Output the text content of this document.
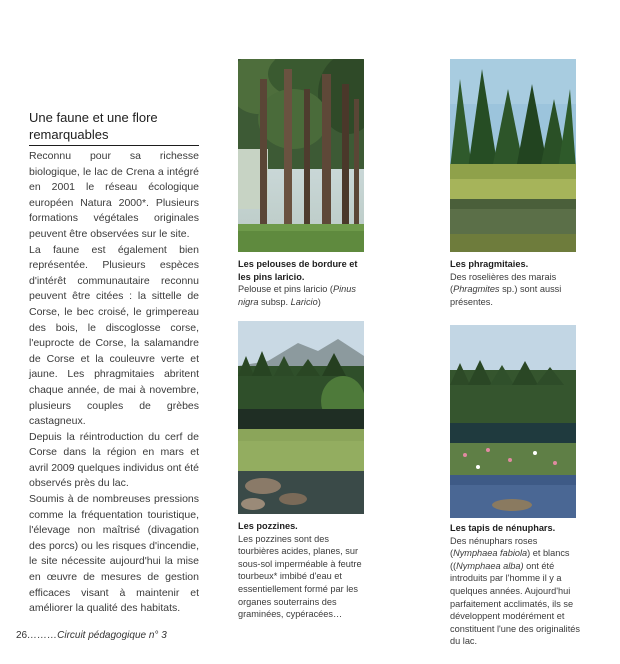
Une faune et une flore remarquables

Reconnu pour sa richesse biologique, le lac de Crena a intégré en 2001 le réseau écologique européen Natura 2000*. Plusieurs formations végétales originales peuvent être observées sur le site.

La faune est également bien représentée. Plusieurs espèces d'intérêt communautaire reconnu peuvent être citées : la sittelle de Corse, le bec croisé, le grimpereau des bois, le discoglosse corse, l'euprocte de Corse, la salamandre de Corse et la couleuvre verte et jaune. Les phragmitaies abritent chaque année, de mai à novembre, plusieurs couples de grèbes castagneux.

Depuis la réintroduction du cerf de Corse dans la région en mars et avril 2009 quelques individus ont été observés près du lac.

Soumis à de nombreuses pressions comme la fréquentation touristique, l'élevage non maîtrisé (divagation des porcs) ou les risques d'incendie, le site nécessite aujourd'hui la mise en œuvre de mesures de gestion efficaces visant à maintenir et améliorer la qualité des habitats.

Les pelouses de bordure et les pins laricio.
Pelouse et pins laricio (Pinus nigra subsp. Laricio)
Les phragmitaies.
Des roselières des marais (Phragmites sp.) sont aussi présentes.
Les pozzines.
Les pozzines sont des tourbières acides, planes, sur sous-sol imperméable à feutre tourbeux* imbibé d'eau et essentiellement formé par les organes souterrains des graminées, cypéracées…
Les tapis de nénuphars.
Des nénuphars roses (Nymphaea fabiola) et blancs ((Nymphaea alba) ont été introduits par l'homme il y a quelques années. Aujourd'hui parfaitement acclimatés, ils se développent modérément et constituent l'une des originalités du lac.
26………Circuit pédagogique n° 3
